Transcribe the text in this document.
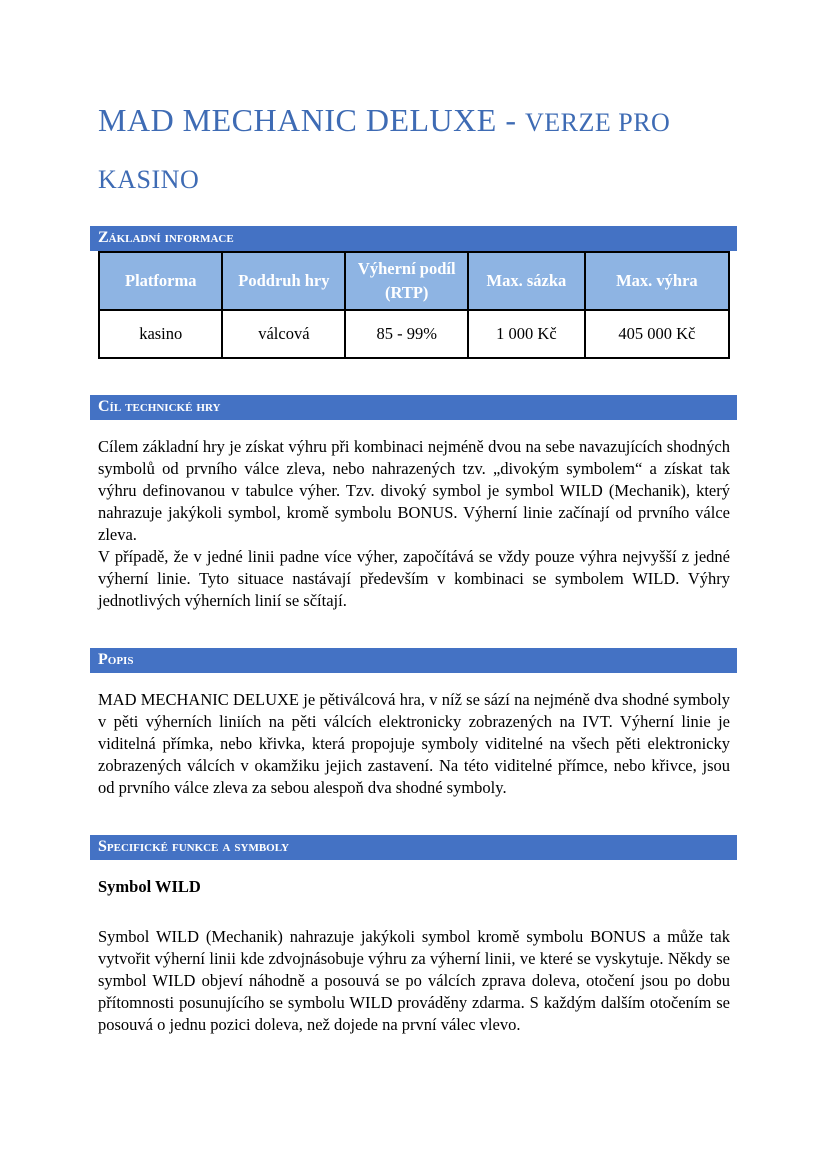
MAD MECHANIC DELUXE - VERZE PRO KASINO
Základní informace
Platforma	Poddruh hry	Výherní podíl (RTP)	Max. sázka	Max. výhra
kasino	válcová	85 - 99%	1 000 Kč	405 000 Kč
Cíl technické hry

Cílem základní hry je získat výhru při kombinaci nejméně dvou na sebe navazujících shodných symbolů od prvního válce zleva, nebo nahrazených tzv. „divokým symbolem“ a získat tak výhru definovanou v tabulce výher. Tzv. divoký symbol je symbol WILD (Mechanik), který nahrazuje jakýkoli symbol, kromě symbolu BONUS. Výherní linie začínají od prvního válce zleva.

V případě, že v jedné linii padne více výher, započítává se vždy pouze výhra nejvyšší z jedné výherní linie. Tyto situace nastávají především v kombinaci se symbolem WILD. Výhry jednotlivých výherních linií se sčítají.

Popis

MAD MECHANIC DELUXE je pětiválcová hra, v níž se sází na nejméně dva shodné symboly v pěti výherních liniích na pěti válcích elektronicky zobrazených na IVT. Výherní linie je viditelná přímka, nebo křivka, která propojuje symboly viditelné na všech pěti elektronicky zobrazených válcích v okamžiku jejich zastavení. Na této viditelné přímce, nebo křivce, jsou od prvního válce zleva za sebou alespoň dva shodné symboly.

Specifické funkce a symboly

Symbol WILD

Symbol WILD (Mechanik) nahrazuje jakýkoli symbol kromě symbolu BONUS a může tak vytvořit výherní linii kde zdvojnásobuje výhru za výherní linii, ve které se vyskytuje. Někdy se symbol WILD objeví náhodně a posouvá se po válcích zprava doleva, otočení jsou po dobu přítomnosti posunujícího se symbolu WILD prováděny zdarma. S každým dalším otočením se posouvá o jednu pozici doleva, než dojede na první válec vlevo.
